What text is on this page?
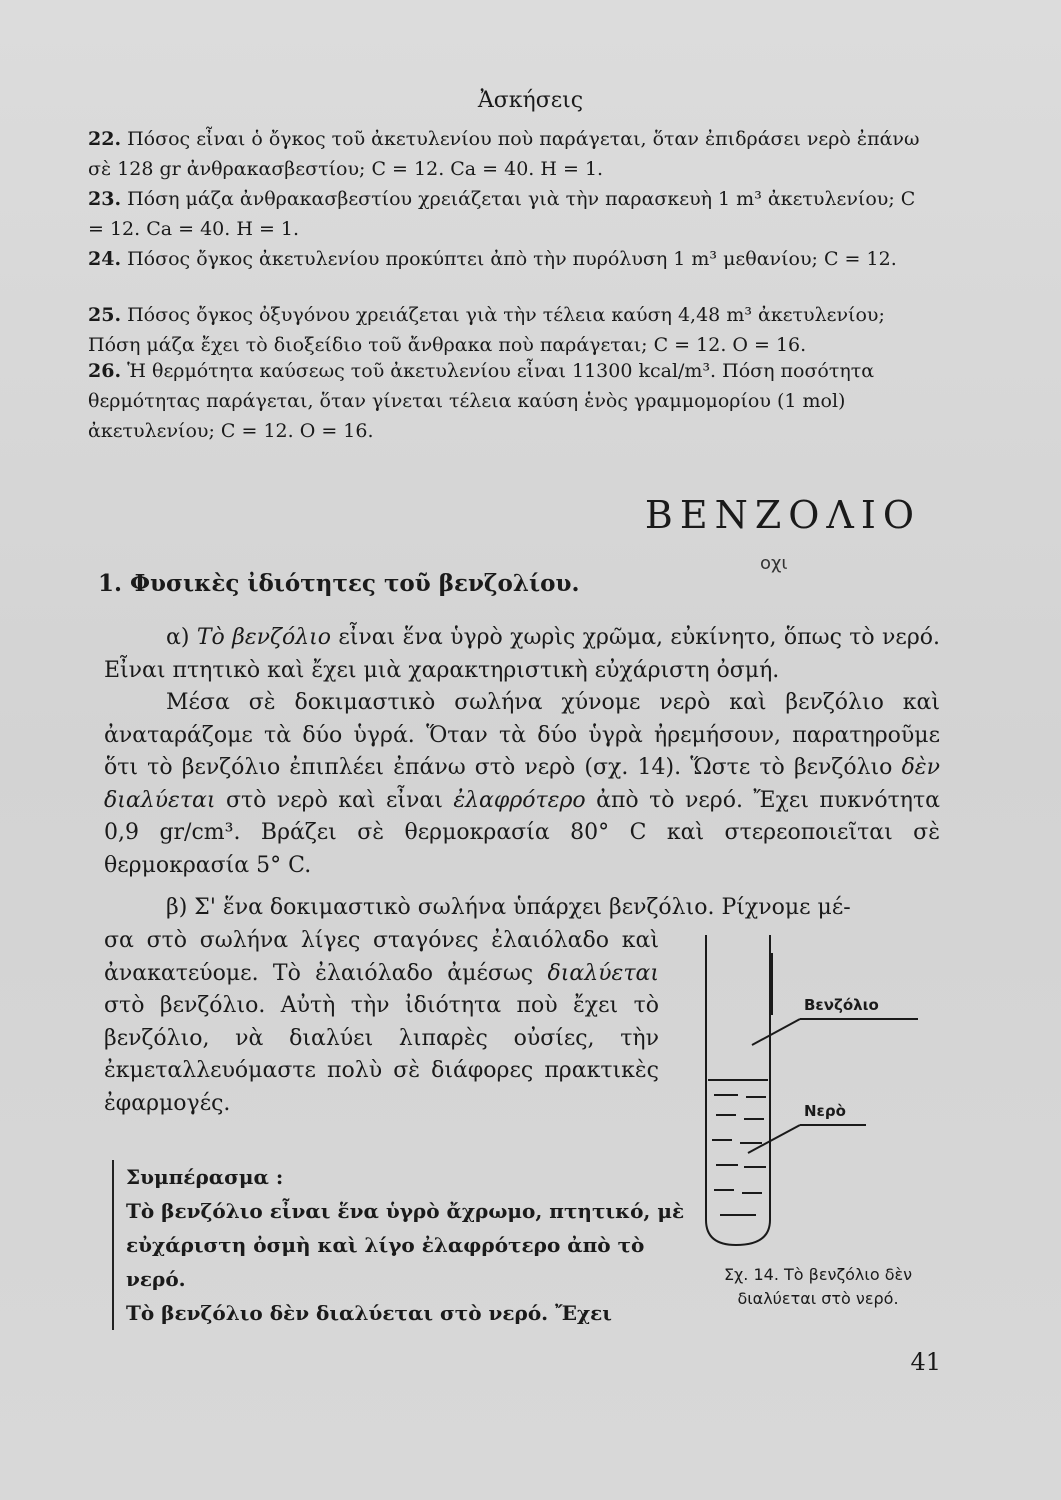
Ἀσκήσεις
22. Πόσος εἶναι ὁ ὄγκος τοῦ ἀκετυλενίου ποὺ παράγεται, ὅταν ἐπιδράσει νερὸ ἐπάνω σὲ 128 gr ἀνθρακασβεστίου; C = 12. Ca = 40. H = 1.
23. Πόση μάζα ἀνθρακασβεστίου χρειάζεται γιὰ τὴν παρασκευὴ 1 m³ ἀκετυλενίου; C = 12. Ca = 40. H = 1.
24. Πόσος ὄγκος ἀκετυλενίου προκύπτει ἀπὸ τὴν πυρόλυση 1 m³ μεθανίου; C = 12.
25. Πόσος ὄγκος ὀξυγόνου χρειάζεται γιὰ τὴν τέλεια καύση 4,48 m³ ἀκετυλενίου; Πόση μάζα ἔχει τὸ διοξείδιο τοῦ ἄνθρακα ποὺ παράγεται; C = 12. O = 16.
26. Ἡ θερμότητα καύσεως τοῦ ἀκετυλενίου εἶναι 11300 kcal/m³. Πόση ποσότητα θερμότητας παράγεται, ὅταν γίνεται τέλεια καύση ἑνὸς γραμμομορίου (1 mol) ἀκετυλενίου; C = 12. O = 16.
ΒΕΝΖΟΛΙΟ
οχι
1. Φυσικὲς ἰδιότητες τοῦ βενζολίου.
α) Τὸ βενζόλιο εἶναι ἕνα ὑγρὸ χωρὶς χρῶμα, εὐκίνητο, ὅπως τὸ νερό. Εἶναι πτητικὸ καὶ ἔχει μιὰ χαρακτηριστικὴ εὐχάριστη ὀσμή.
Μέσα σὲ δοκιμαστικὸ σωλήνα χύνομε νερὸ καὶ βενζόλιο καὶ ἀναταράζομε τὰ δύο ὑγρά. Ὅταν τὰ δύο ὑγρὰ ἠρεμήσουν, παρατηροῦμε ὅτι τὸ βενζόλιο ἐπιπλέει ἐπάνω στὸ νερὸ (σχ. 14). Ὥστε τὸ βενζόλιο δὲν διαλύεται στὸ νερὸ καὶ εἶναι ἐλαφρότερο ἀπὸ τὸ νερό. Ἔχει πυκνότητα 0,9 gr/cm³. Βράζει σὲ θερμοκρασία 80° C καὶ στερεοποιεῖται σὲ θερμοκρασία 5° C.
β) Σ' ἕνα δοκιμαστικὸ σωλήνα ὑπάρχει βενζόλιο. Ρίχνομε μέ-
σα στὸ σωλήνα λίγες σταγόνες ἐλαιόλαδο καὶ ἀνακατεύομε. Τὸ ἐλαιόλαδο ἀμέσως διαλύεται στὸ βενζόλιο. Αὐτὴ τὴν ἰδιότητα ποὺ ἔχει τὸ βενζόλιο, νὰ διαλύει λιπαρὲς οὐσίες, τὴν ἐκμεταλλευόμαστε πολὺ σὲ διάφορες πρακτικὲς ἐφαρμογές.
Συμπέρασμα :
Τὸ βενζόλιο εἶναι ἕνα ὑγρὸ ἄχρωμο, πτητικό, μὲ εὐχάριστη ὀσμὴ καὶ λίγο ἐλαφρότερο ἀπὸ τὸ νερό.
Τὸ βενζόλιο δὲν διαλύεται στὸ νερό. Ἔχει
Βενζόλιο
Νερὸ
Σχ. 14. Τὸ βενζόλιο δὲν
διαλύεται στὸ νερό.
41
